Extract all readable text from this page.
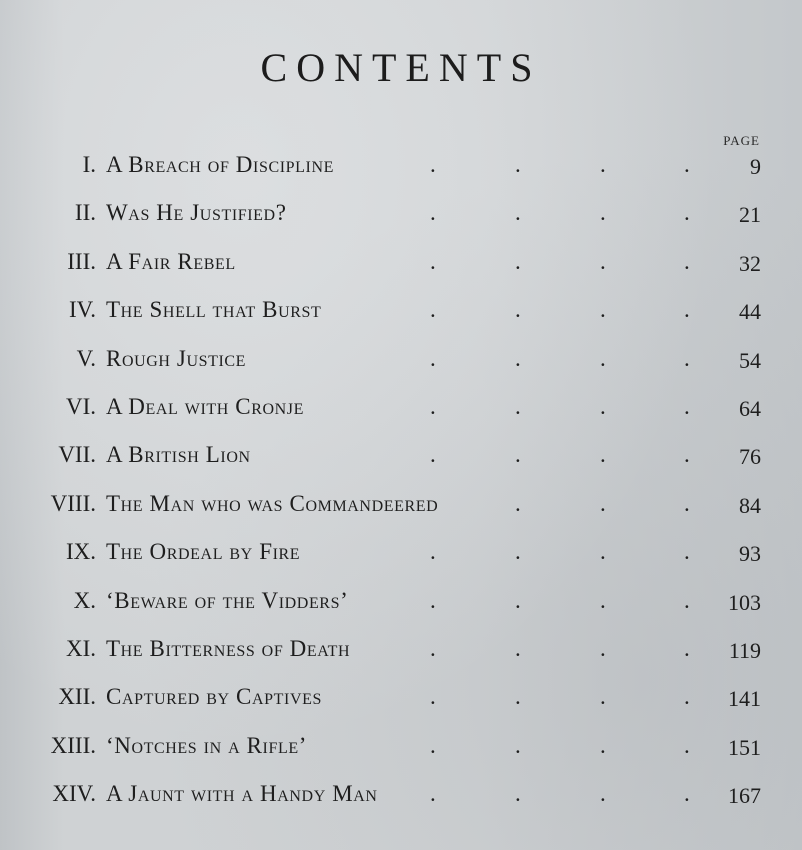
CONTENTS
PAGE
I. A Breach of Discipline	9
.	.	.	.
II. Was He Justified?	21
.	.	.	.
III. A Fair Rebel	32
.	.	.	.
IV. The Shell that Burst	44
.	.	.	.
V. Rough Justice	54
.	.	.	.
VI. A Deal with Cronje	64
.	.	.	.
VII. A British Lion	76
.	.	.	.
VIII. The Man who was Commandeered	84
.	.	.
IX. The Ordeal by Fire	93
.	.	.	.
X. ‘Beware of the Vidders’	103
.	.	.	.
XI. The Bitterness of Death	119
.	.	.	.
XII. Captured by Captives	141
.	.	.	.
XIII. ‘Notches in a Rifle’	151
.	.	.	.
XIV. A Jaunt with a Handy Man	167
.	.	.	.
